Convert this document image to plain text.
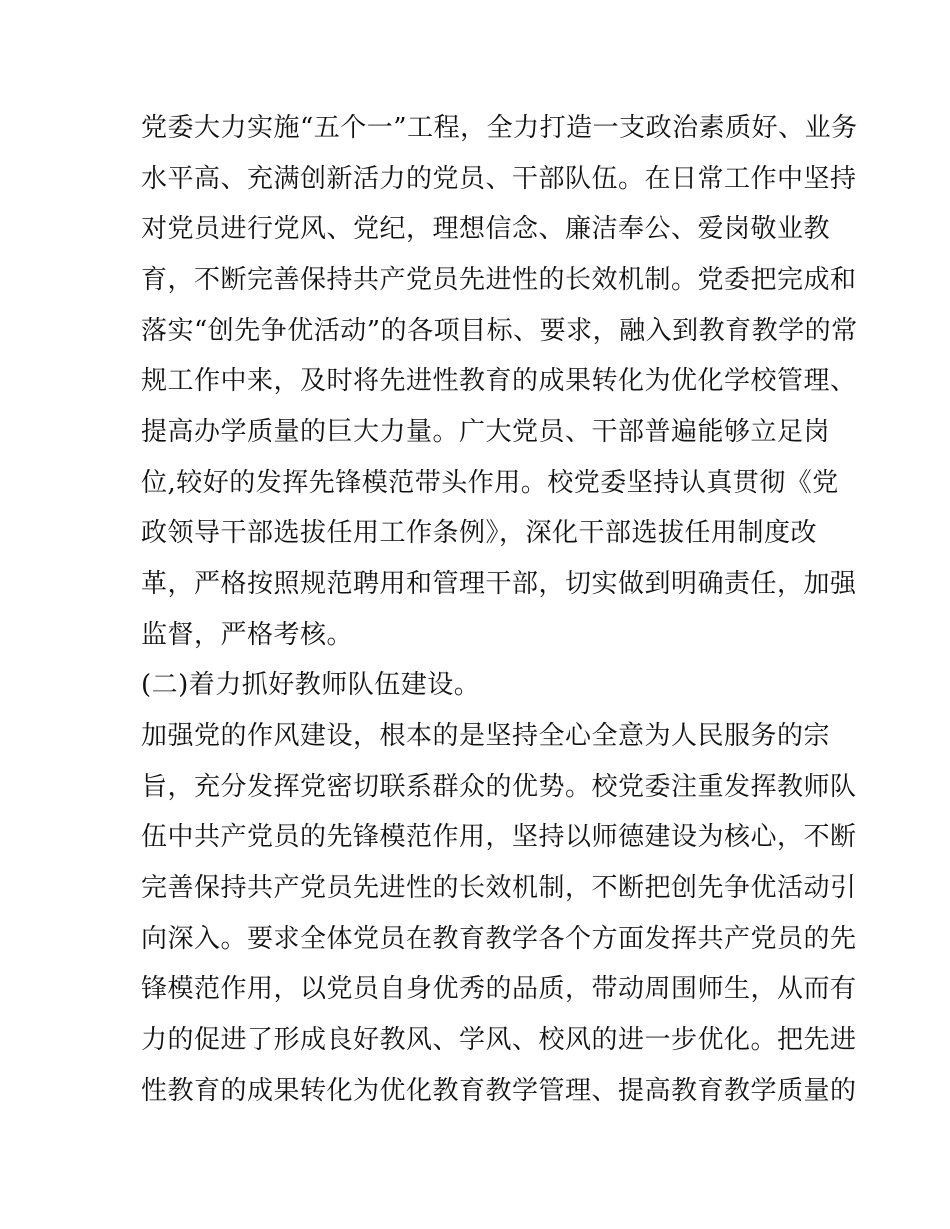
党委大力实施“五个一”工程，全力打造一支政治素质好、业务
水平高、充满创新活力的党员、干部队伍。在日常工作中坚持
对党员进行党风、党纪，理想信念、廉洁奉公、爱岗敬业教
育，不断完善保持共产党员先进性的长效机制。党委把完成和
落实“创先争优活动”的各项目标、要求，融入到教育教学的常
规工作中来，及时将先进性教育的成果转化为优化学校管理、
提高办学质量的巨大力量。广大党员、干部普遍能够立足岗
位,较好的发挥先锋模范带头作用。校党委坚持认真贯彻《党
政领导干部选拔任用工作条例》，深化干部选拔任用制度改
革，严格按照规范聘用和管理干部，切实做到明确责任，加强
监督，严格考核。
(二)着力抓好教师队伍建设。
加强党的作风建设，根本的是坚持全心全意为人民服务的宗
旨，充分发挥党密切联系群众的优势。校党委注重发挥教师队
伍中共产党员的先锋模范作用，坚持以师德建设为核心，不断
完善保持共产党员先进性的长效机制，不断把创先争优活动引
向深入。要求全体党员在教育教学各个方面发挥共产党员的先
锋模范作用，以党员自身优秀的品质，带动周围师生，从而有
力的促进了形成良好教风、学风、校风的进一步优化。把先进
性教育的成果转化为优化教育教学管理、提高教育教学质量的
